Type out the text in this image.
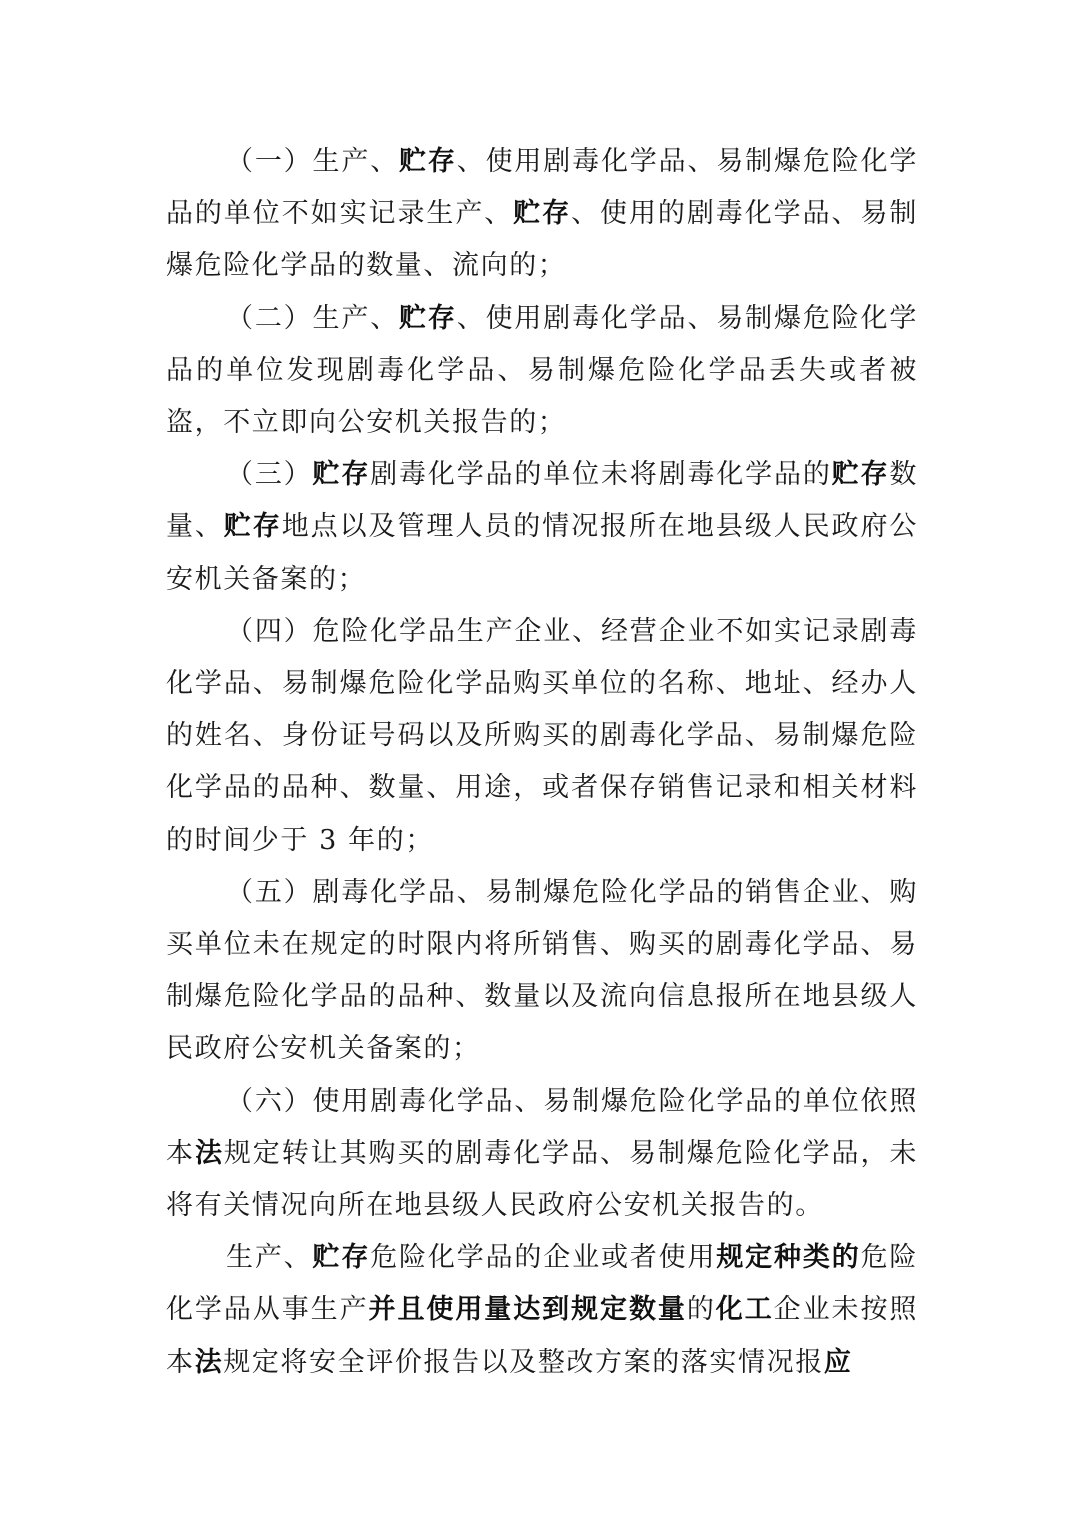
（一）生产、贮存、使用剧毒化学品、易制爆危险化学品的单位不如实记录生产、贮存、使用的剧毒化学品、易制爆危险化学品的数量、流向的；

（二）生产、贮存、使用剧毒化学品、易制爆危险化学品的单位发现剧毒化学品、易制爆危险化学品丢失或者被盗，不立即向公安机关报告的；

（三）贮存剧毒化学品的单位未将剧毒化学品的贮存数量、贮存地点以及管理人员的情况报所在地县级人民政府公安机关备案的；

（四）危险化学品生产企业、经营企业不如实记录剧毒化学品、易制爆危险化学品购买单位的名称、地址、经办人的姓名、身份证号码以及所购买的剧毒化学品、易制爆危险化学品的品种、数量、用途，或者保存销售记录和相关材料的时间少于 3 年的；

（五）剧毒化学品、易制爆危险化学品的销售企业、购买单位未在规定的时限内将所销售、购买的剧毒化学品、易制爆危险化学品的品种、数量以及流向信息报所在地县级人民政府公安机关备案的；

（六）使用剧毒化学品、易制爆危险化学品的单位依照本法规定转让其购买的剧毒化学品、易制爆危险化学品，未将有关情况向所在地县级人民政府公安机关报告的。

生产、贮存危险化学品的企业或者使用规定种类的危险化学品从事生产并且使用量达到规定数量的化工企业未按照本法规定将安全评价报告以及整改方案的落实情况报应
